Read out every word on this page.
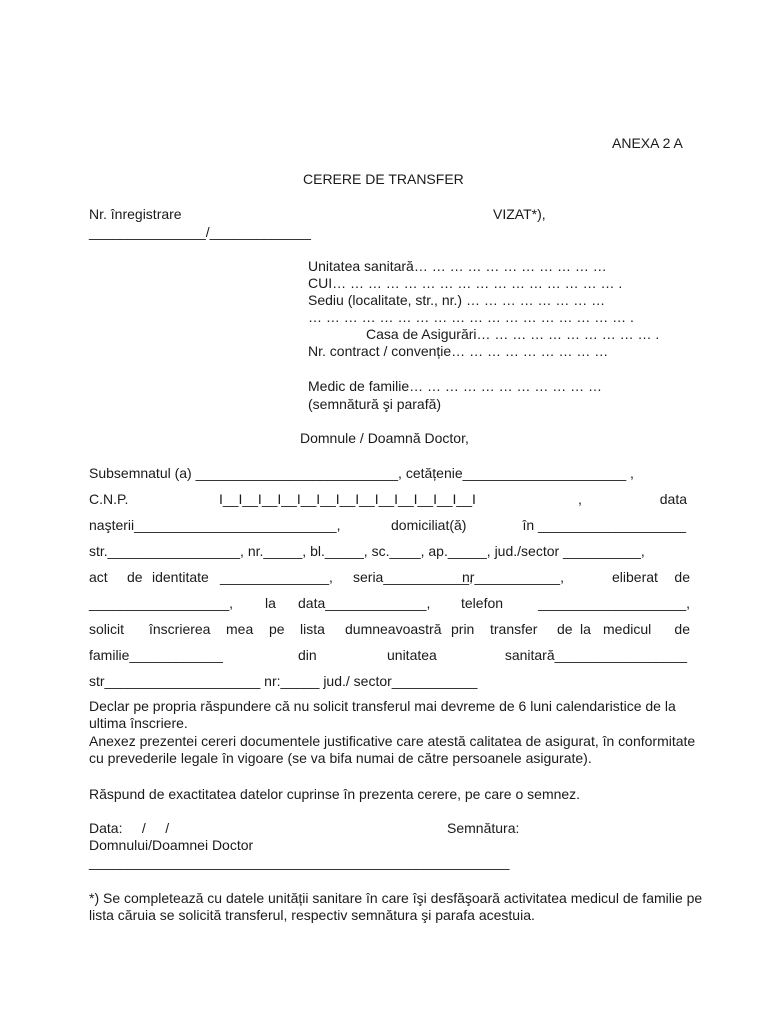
ANEXA 2 A
CERERE DE TRANSFER
Nr. înregistrare
_______________/_____________
VIZAT*),
Unitatea sanitară… … … … … … … … … … …
CUI… … … … … … … … … … … … … … … … .
Sediu (localitate, str., nr.) … … … … … … … …
… … … … … … … … … … … … … … … … … … .
Casa de Asigurări… … … … … … … … … … .
Nr. contract / convenție… … … … … … … … …
Medic de familie… … … … … … … … … … …
(semnătură şi parafă)
Domnule / Doamnă Doctor,
Subsemnatul (a) __________________________, cetățenie_____________________ ,
C.N.P.	I__I__I__I__I__I__I__I__I__I__I__I__I__I	,	data
naşterii__________________________,	domiciliat(ă)	în ___________________
str._________________, nr._____, bl._____, sc.____, ap._____, jud./sector __________,
act de identitate ______________, seria___________,
nr___________,	eliberat de
__________________, la data_____________, telefon	___________________,
solicit înscrierea mea pe lista dumneavoastră prin transfer de la medicul de
familie____________	din	unitatea	sanitară_________________
str____________________ nr:_____ jud./ sector___________
Declar pe propria răspundere că nu solicit transferul mai devreme de 6 luni calendaristice de la ultima înscriere.
Anexez prezentei cereri documentele justificative care atestă calitatea de asigurat, în conformitate cu prevederile legale în vigoare (se va bifa numai de către persoanele asigurate).
Răspund de exactitatea datelor cuprinse în prezenta cerere, pe care o semnez.
Data:     /     /	Semnătura:
Domnului/Doamnei Doctor
______________________________________________________
*) Se completează cu datele unității sanitare în care îşi desfăşoară activitatea medicul de familie pe lista căruia se solicită transferul, respectiv semnătura şi parafa acestuia.
